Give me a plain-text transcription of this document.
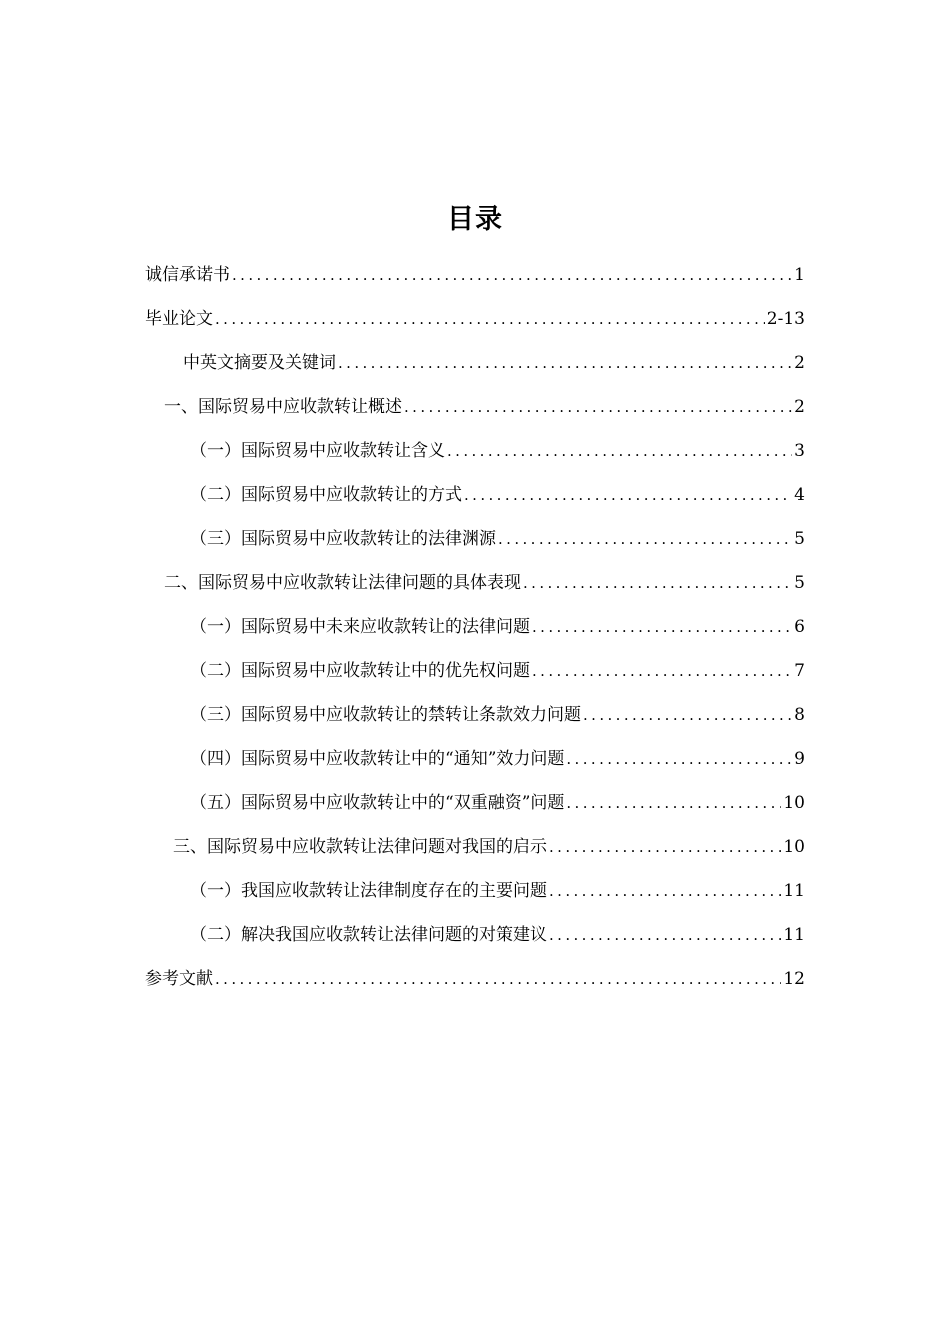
目录
诚信承诺书 .....	1
毕业论文 .....	2-13
中英文摘要及关键词 .....	2
一、国际贸易中应收款转让概述 .....	2
（一）国际贸易中应收款转让含义 .....	3
（二）国际贸易中应收款转让的方式 .....	4
（三）国际贸易中应收款转让的法律渊源 .....	5
二、国际贸易中应收款转让法律问题的具体表现 .....	5
（一）国际贸易中未来应收款转让的法律问题 .....	6
（二）国际贸易中应收款转让中的优先权问题 .....	7
（三）国际贸易中应收款转让的禁转让条款效力问题 .....	8
（四）国际贸易中应收款转让中的“通知”效力问题 .....	9
（五）国际贸易中应收款转让中的“双重融资”问题 .....	10
三、国际贸易中应收款转让法律问题对我国的启示 .....	10
（一）我国应收款转让法律制度存在的主要问题 .....	11
（二）解决我国应收款转让法律问题的对策建议 .....	11
参考文献 .....	12
